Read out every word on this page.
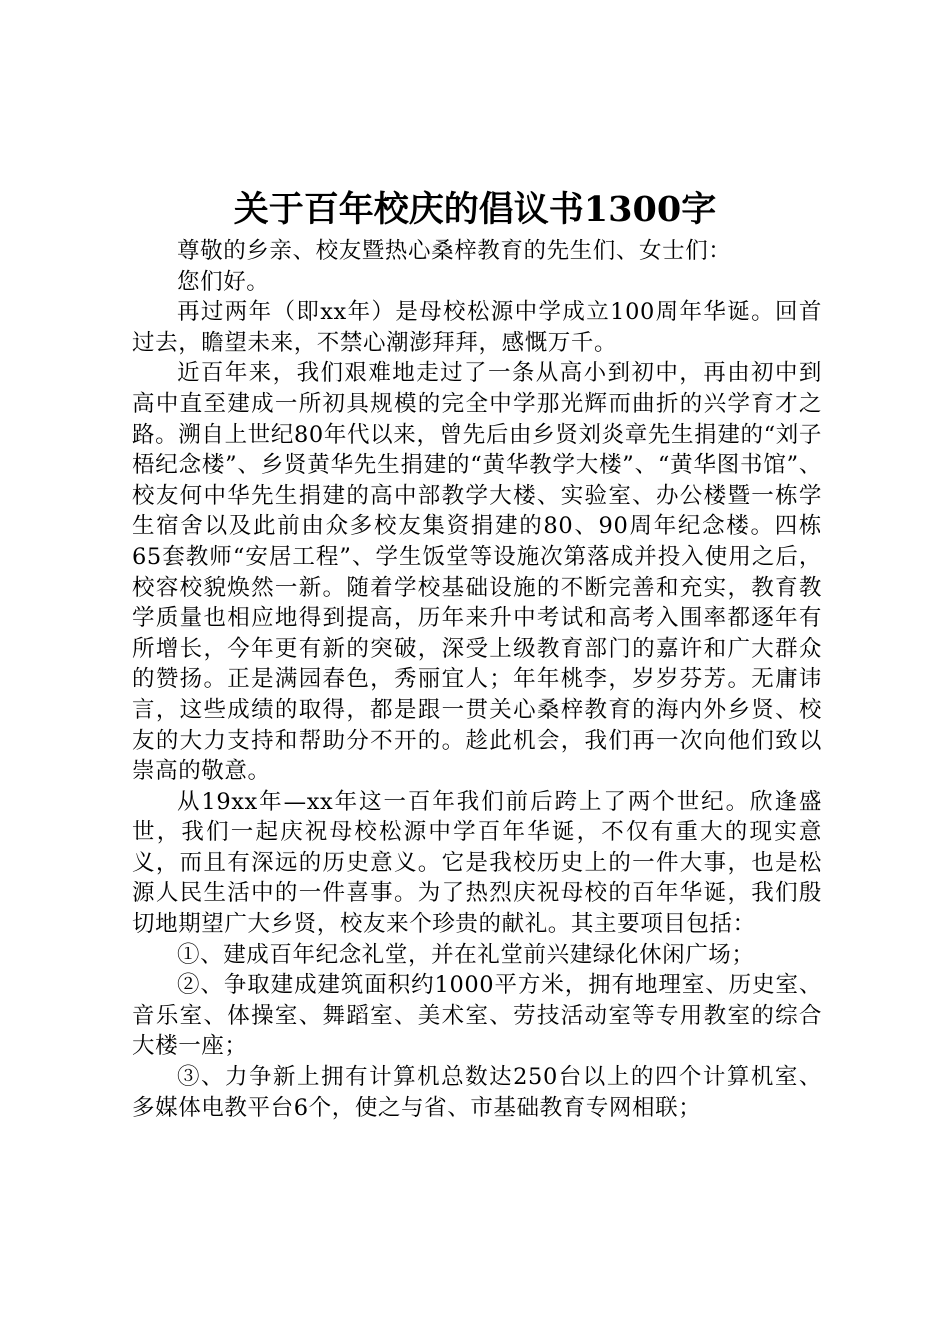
关于百年校庆的倡议书1300字

尊敬的乡亲、校友暨热心桑梓教育的先生们、女士们：

您们好。

再过两年（即xx年）是母校松源中学成立100周年华诞。回首过去，瞻望未来，不禁心潮澎拜拜，感慨万千。

近百年来，我们艰难地走过了一条从高小到初中，再由初中到高中直至建成一所初具规模的完全中学那光辉而曲折的兴学育才之路。溯自上世纪80年代以来，曾先后由乡贤刘炎章先生捐建的“刘子梧纪念楼”、乡贤黄华先生捐建的“黄华教学大楼”、“黄华图书馆”、校友何中华先生捐建的高中部教学大楼、实验室、办公楼暨一栋学生宿舍以及此前由众多校友集资捐建的80、90周年纪念楼。四栋65套教师“安居工程”、学生饭堂等设施次第落成并投入使用之后，校容校貌焕然一新。随着学校基础设施的不断完善和充实，教育教学质量也相应地得到提高，历年来升中考试和高考入围率都逐年有所增长，今年更有新的突破，深受上级教育部门的嘉许和广大群众的赞扬。正是满园春色，秀丽宜人；年年桃李，岁岁芬芳。无庸讳言，这些成绩的取得，都是跟一贯关心桑梓教育的海内外乡贤、校友的大力支持和帮助分不开的。趁此机会，我们再一次向他们致以崇高的敬意。

从19xx年—xx年这一百年我们前后跨上了两个世纪。欣逢盛世，我们一起庆祝母校松源中学百年华诞，不仅有重大的现实意义，而且有深远的历史意义。它是我校历史上的一件大事，也是松源人民生活中的一件喜事。为了热烈庆祝母校的百年华诞，我们殷切地期望广大乡贤，校友来个珍贵的献礼。其主要项目包括：

①、建成百年纪念礼堂，并在礼堂前兴建绿化休闲广场；

②、争取建成建筑面积约1000平方米，拥有地理室、历史室、音乐室、体操室、舞蹈室、美术室、劳技活动室等专用教室的综合大楼一座；

③、力争新上拥有计算机总数达250台以上的四个计算机室、多媒体电教平台6个，使之与省、市基础教育专网相联；
